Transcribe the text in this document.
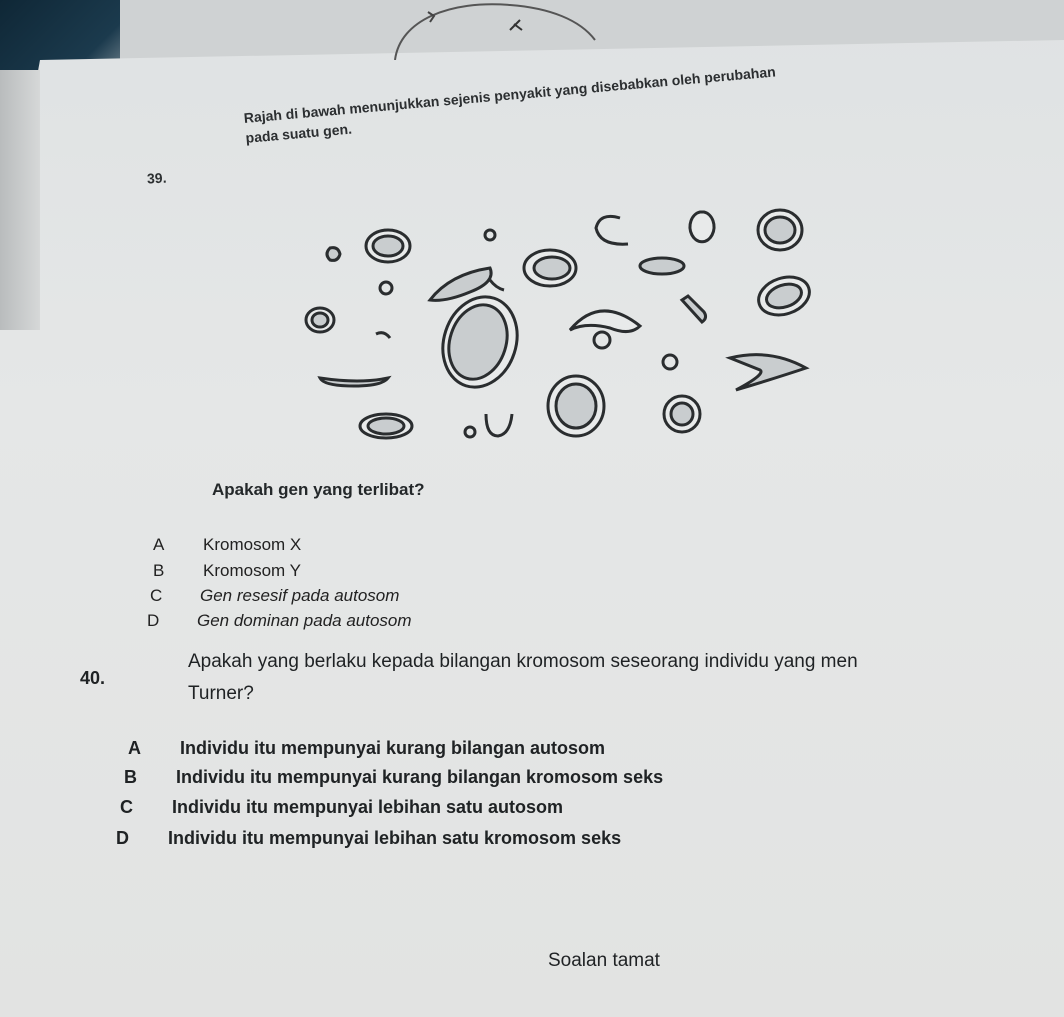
39.
Rajah di bawah menunjukkan sejenis penyakit yang disebabkan oleh perubahan
pada suatu gen.
Apakah gen yang terlibat?
A Kromosom X
B Kromosom Y
C Gen resesif pada autosom
D Gen dominan pada autosom
40.
Apakah yang berlaku kepada bilangan kromosom seseorang individu yang men
Turner?
A Individu itu mempunyai kurang bilangan autosom
B Individu itu mempunyai kurang bilangan kromosom seks
C Individu itu mempunyai lebihan satu autosom
D Individu itu mempunyai lebihan satu kromosom seks
Soalan tamat
